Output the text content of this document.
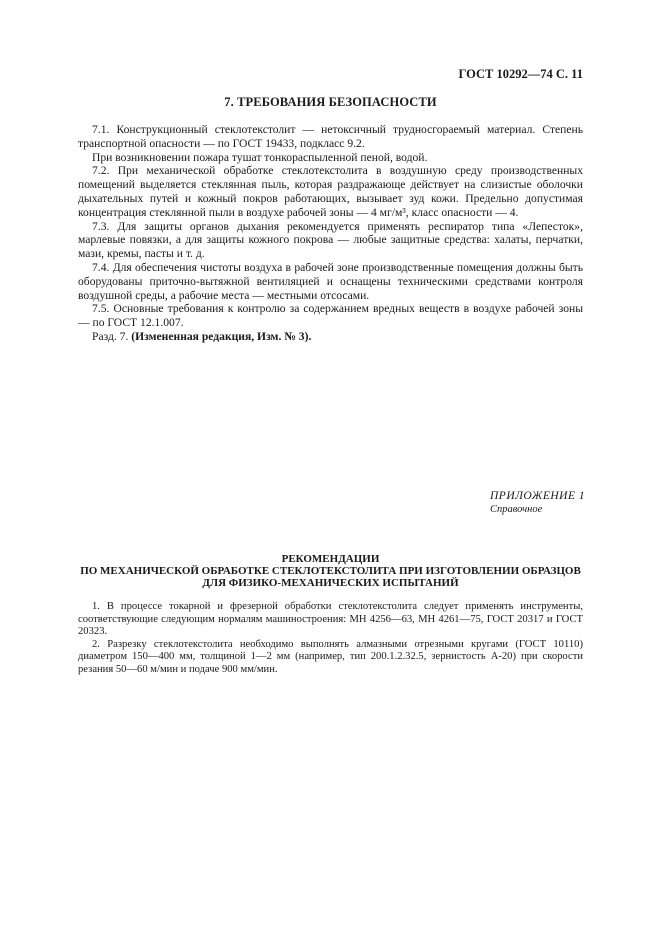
ГОСТ 10292—74 С. 11
7. ТРЕБОВАНИЯ БЕЗОПАСНОСТИ

7.1. Конструкционный стеклотекстолит — нетоксичный трудносгораемый материал. Степень транспортной опасности — по ГОСТ 19433, подкласс 9.2.

При возникновении пожара тушат тонкораспыленной пеной, водой.

7.2. При механической обработке стеклотекстолита в воздушную среду производственных помещений выделяется стеклянная пыль, которая раздражающе действует на слизистые оболочки дыхательных путей и кожный покров работающих, вызывает зуд кожи. Предельно допустимая концентрация стеклянной пыли в воздухе рабочей зоны — 4 мг/м³, класс опасности — 4.

7.3. Для защиты органов дыхания рекомендуется применять респиратор типа «Лепесток», марлевые повязки, а для защиты кожного покрова — любые защитные средства: халаты, перчатки, мази, кремы, пасты и т. д.

7.4. Для обеспечения чистоты воздуха в рабочей зоне производственные помещения должны быть оборудованы приточно-вытяжной вентиляцией и оснащены техническими средствами контроля воздушной среды, а рабочие места — местными отсосами.

7.5. Основные требования к контролю за содержанием вредных веществ в воздухе рабочей зоны — по ГОСТ 12.1.007.

Разд. 7. (Измененная редакция, Изм. № 3).

ПРИЛОЖЕНИЕ 1
Справочное
РЕКОМЕНДАЦИИ
ПО МЕХАНИЧЕСКОЙ ОБРАБОТКЕ СТЕКЛОТЕКСТОЛИТА ПРИ ИЗГОТОВЛЕНИИ ОБРАЗЦОВ
ДЛЯ ФИЗИКО-МЕХАНИЧЕСКИХ ИСПЫТАНИЙ

1. В процессе токарной и фрезерной обработки стеклотекстолита следует применять инструменты, соответствующие следующим нормалям машиностроения: МН 4256—63, МН 4261—75, ГОСТ 20317 и ГОСТ 20323.

2. Разрезку стеклотекстолита необходимо выполнять алмазными отрезными кругами (ГОСТ 10110) диаметром 150—400 мм, толщиной 1—2 мм (например, тип 200.1.2.32.5, зернистость А-20) при скорости резания 50—60 м/мин и подаче 900 мм/мин.
